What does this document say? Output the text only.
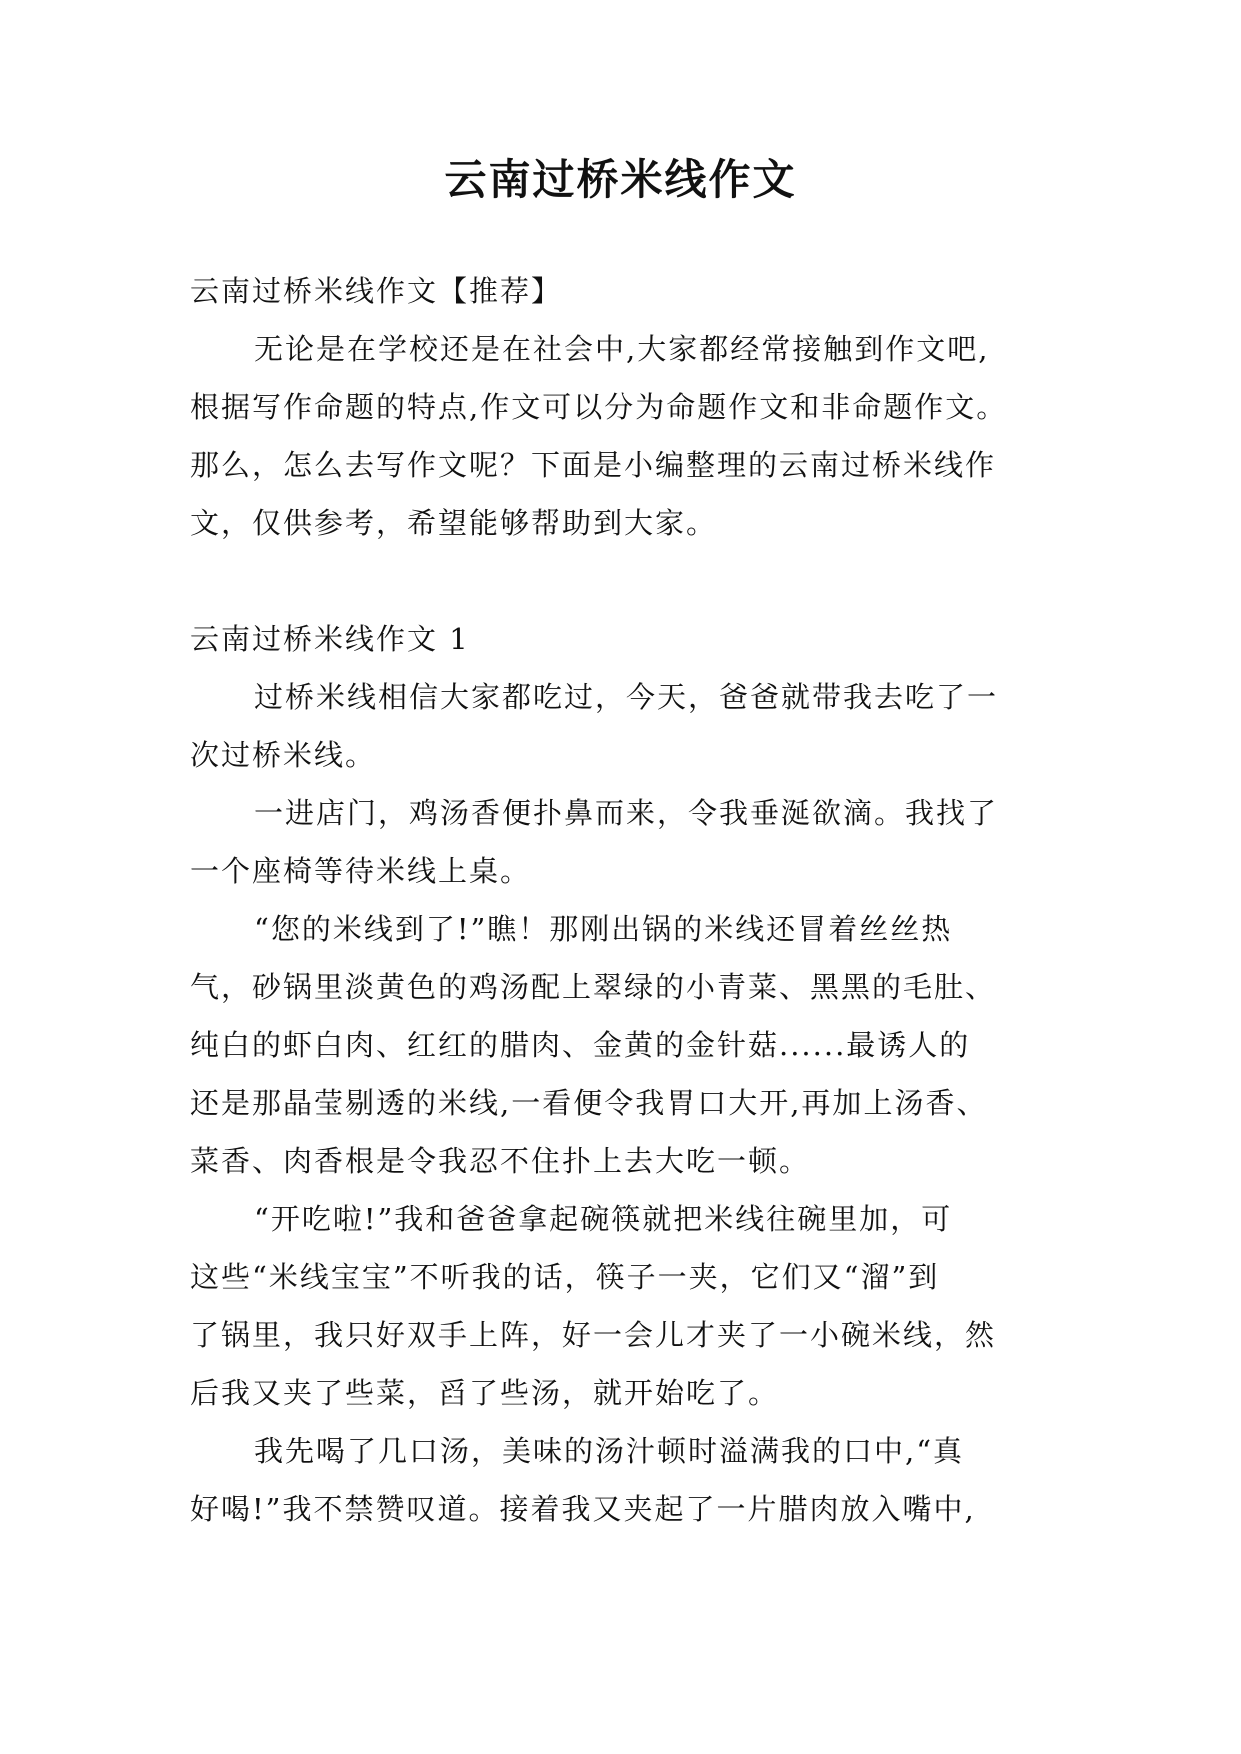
云南过桥米线作文
云南过桥米线作文【推荐】
无论是在学校还是在社会中,大家都经常接触到作文吧,
根据写作命题的特点,作文可以分为命题作文和非命题作文。
那么，怎么去写作文呢？下面是小编整理的云南过桥米线作
文，仅供参考，希望能够帮助到大家。
云南过桥米线作文 1
过桥米线相信大家都吃过，今天，爸爸就带我去吃了一
次过桥米线。
一进店门，鸡汤香便扑鼻而来，令我垂涎欲滴。我找了
一个座椅等待米线上桌。
“您的米线到了!”瞧！那刚出锅的米线还冒着丝丝热
气，砂锅里淡黄色的鸡汤配上翠绿的小青菜、黑黑的毛肚、
纯白的虾白肉、红红的腊肉、金黄的金针菇......最诱人的
还是那晶莹剔透的米线,一看便令我胃口大开,再加上汤香、
菜香、肉香根是令我忍不住扑上去大吃一顿。
“开吃啦!”我和爸爸拿起碗筷就把米线往碗里加，可
这些“米线宝宝”不听我的话，筷子一夹，它们又“溜”到
了锅里，我只好双手上阵，好一会儿才夹了一小碗米线，然
后我又夹了些菜，舀了些汤，就开始吃了。
我先喝了几口汤，美味的汤汁顿时溢满我的口中,“真
好喝!”我不禁赞叹道。接着我又夹起了一片腊肉放入嘴中,
